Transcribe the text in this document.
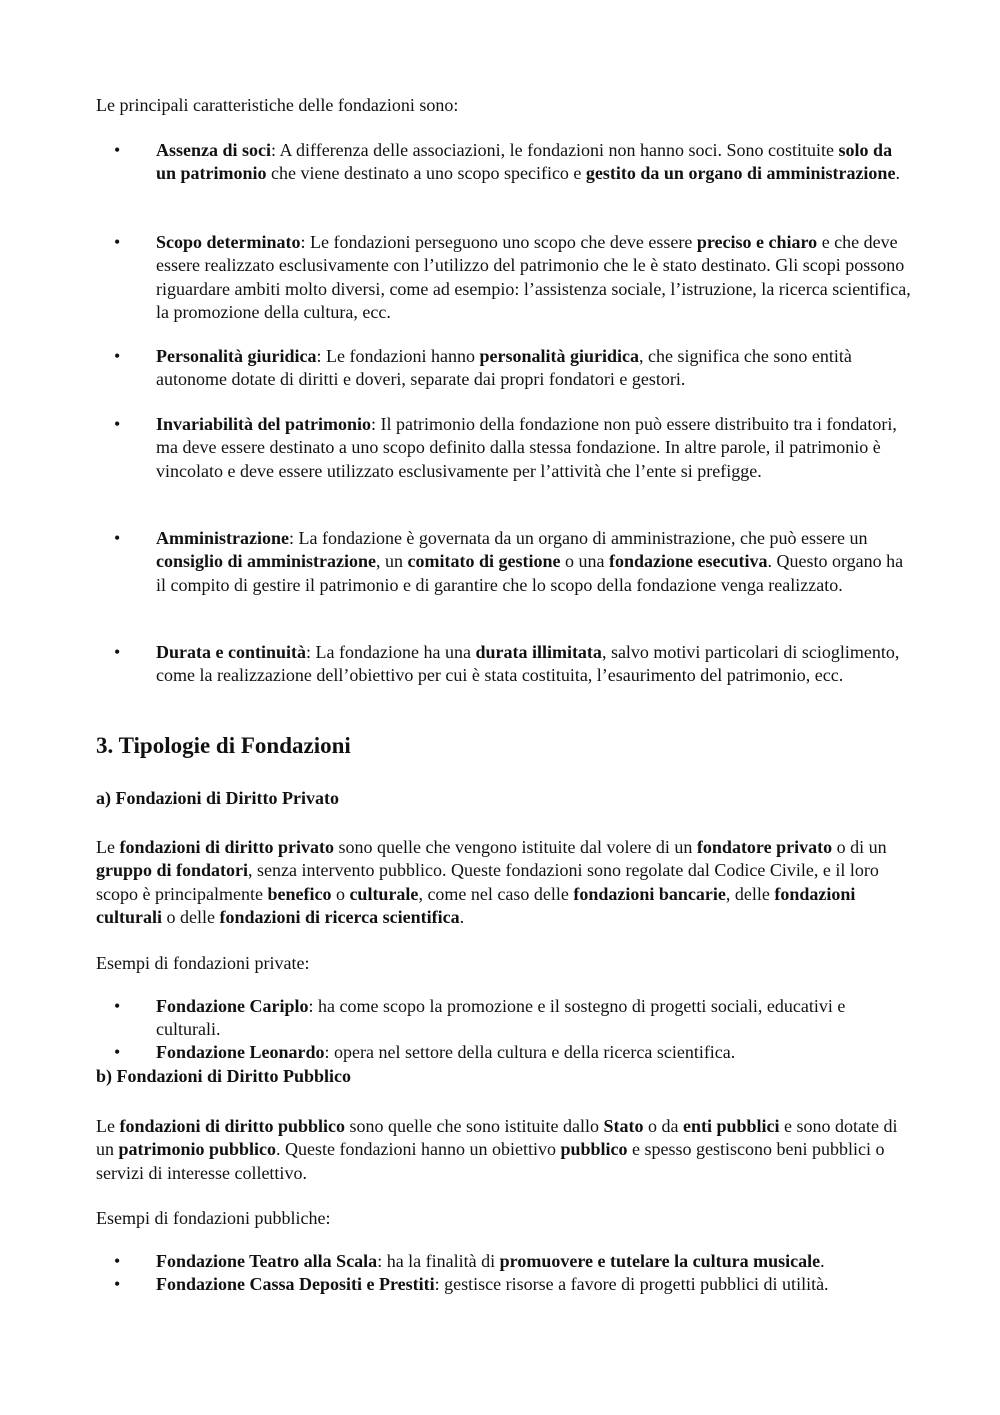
Le principali caratteristiche delle fondazioni sono:

• Assenza di soci: A differenza delle associazioni, le fondazioni non hanno soci. Sono costituite solo da un patrimonio che viene destinato a uno scopo specifico e gestito da un organo di amministrazione.
• Scopo determinato: Le fondazioni perseguono uno scopo che deve essere preciso e chiaro e che deve essere realizzato esclusivamente con l’utilizzo del patrimonio che le è stato destinato. Gli scopi possono riguardare ambiti molto diversi, come ad esempio: l’assistenza sociale, l’istruzione, la ricerca scientifica, la promozione della cultura, ecc.
• Personalità giuridica: Le fondazioni hanno personalità giuridica, che significa che sono entità autonome dotate di diritti e doveri, separate dai propri fondatori e gestori.
• Invariabilità del patrimonio: Il patrimonio della fondazione non può essere distribuito tra i fondatori, ma deve essere destinato a uno scopo definito dalla stessa fondazione. In altre parole, il patrimonio è vincolato e deve essere utilizzato esclusivamente per l’attività che l’ente si prefigge.
• Amministrazione: La fondazione è governata da un organo di amministrazione, che può essere un consiglio di amministrazione, un comitato di gestione o una fondazione esecutiva. Questo organo ha il compito di gestire il patrimonio e di garantire che lo scopo della fondazione venga realizzato.
• Durata e continuità: La fondazione ha una durata illimitata, salvo motivi particolari di scioglimento, come la realizzazione dell’obiettivo per cui è stata costituita, l’esaurimento del patrimonio, ecc.
3. Tipologie di Fondazioni
a) Fondazioni di Diritto Privato

Le fondazioni di diritto privato sono quelle che vengono istituite dal volere di un fondatore privato o di un gruppo di fondatori, senza intervento pubblico. Queste fondazioni sono regolate dal Codice Civile, e il loro scopo è principalmente benefico o culturale, come nel caso delle fondazioni bancarie, delle fondazioni culturali o delle fondazioni di ricerca scientifica.

Esempi di fondazioni private:

• Fondazione Cariplo: ha come scopo la promozione e il sostegno di progetti sociali, educativi e culturali.
• Fondazione Leonardo: opera nel settore della cultura e della ricerca scientifica.
b) Fondazioni di Diritto Pubblico

Le fondazioni di diritto pubblico sono quelle che sono istituite dallo Stato o da enti pubblici e sono dotate di un patrimonio pubblico. Queste fondazioni hanno un obiettivo pubblico e spesso gestiscono beni pubblici o servizi di interesse collettivo.

Esempi di fondazioni pubbliche:

• Fondazione Teatro alla Scala: ha la finalità di promuovere e tutelare la cultura musicale.
• Fondazione Cassa Depositi e Prestiti: gestisce risorse a favore di progetti pubblici di utilità.
